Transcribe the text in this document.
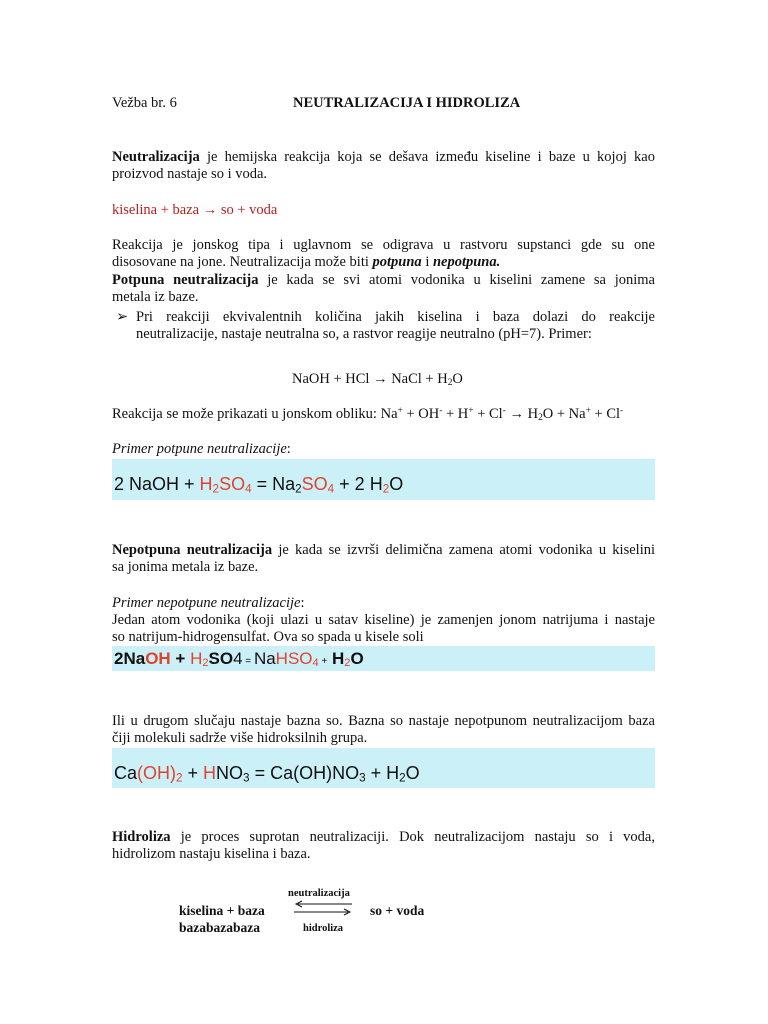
Vežba br. 6	NEUTRALIZACIJA I HIDROLIZA
Neutralizacija je hemijska reakcija koja se dešava između kiseline i baze u kojoj kao
proizvod nastaje so i voda.
kiselina + baza → so + voda
Reakcija je jonskog tipa i uglavnom se odigrava u rastvoru supstanci gde su one
disosovane na jone. Neutralizacija može biti potpuna i nepotpuna.
Potpuna neutralizacija je kada se svi atomi vodonika u kiselini zamene sa jonima
metala iz baze.
➢ Pri reakciji ekvivalentnih količina jakih kiselina i baza dolazi do reakcije
neutralizacije, nastaje neutralna so, a rastvor reagije neutralno (pH=7). Primer:
NaOH + HCl → NaCl + $H_2O$
Reakcija se može prikazati u jonskom obliku: $Na^+ + OH^- + H^+ + Cl^- \to H_2O + Na^+ + Cl^-$
Primer potpune neutralizacije:
2 NaOH + $H_2SO_4 = Na_2SO_4 + 2$ $H_2O$
Nepotpuna neutralizacija je kada se izvrši delimična zamena atomi vodonika u kiselini
sa jonima metala iz baze.
Primer nepotpune neutralizacije:
Jedan atom vodonika (koji ulazi u satav kiseline) je zamenjen jonom natrijuma i nastaje
so natrijum-hidrogensulfat. Ova so spada u kisele soli
2NaOH + $H_2SO4$ = NaHSO$_4$ + $H_2O$
Ili u drugom slučaju nastaje bazna so. Bazna so nastaje nepotpunom neutralizacijom baza
čiji molekuli sadrže više hidroksilnih grupa.
$Ca(OH)_2 + HNO_3 = Ca(OH)NO_3 + H_2O$
Hidroliza je proces suprotan neutralizaciji. Dok neutralizacijom nastaju so i voda,
hidrolizom nastaju kiselina i baza.
kiselina + baza
bazabazabaza
neutralizacija
hidroliza
so + voda
